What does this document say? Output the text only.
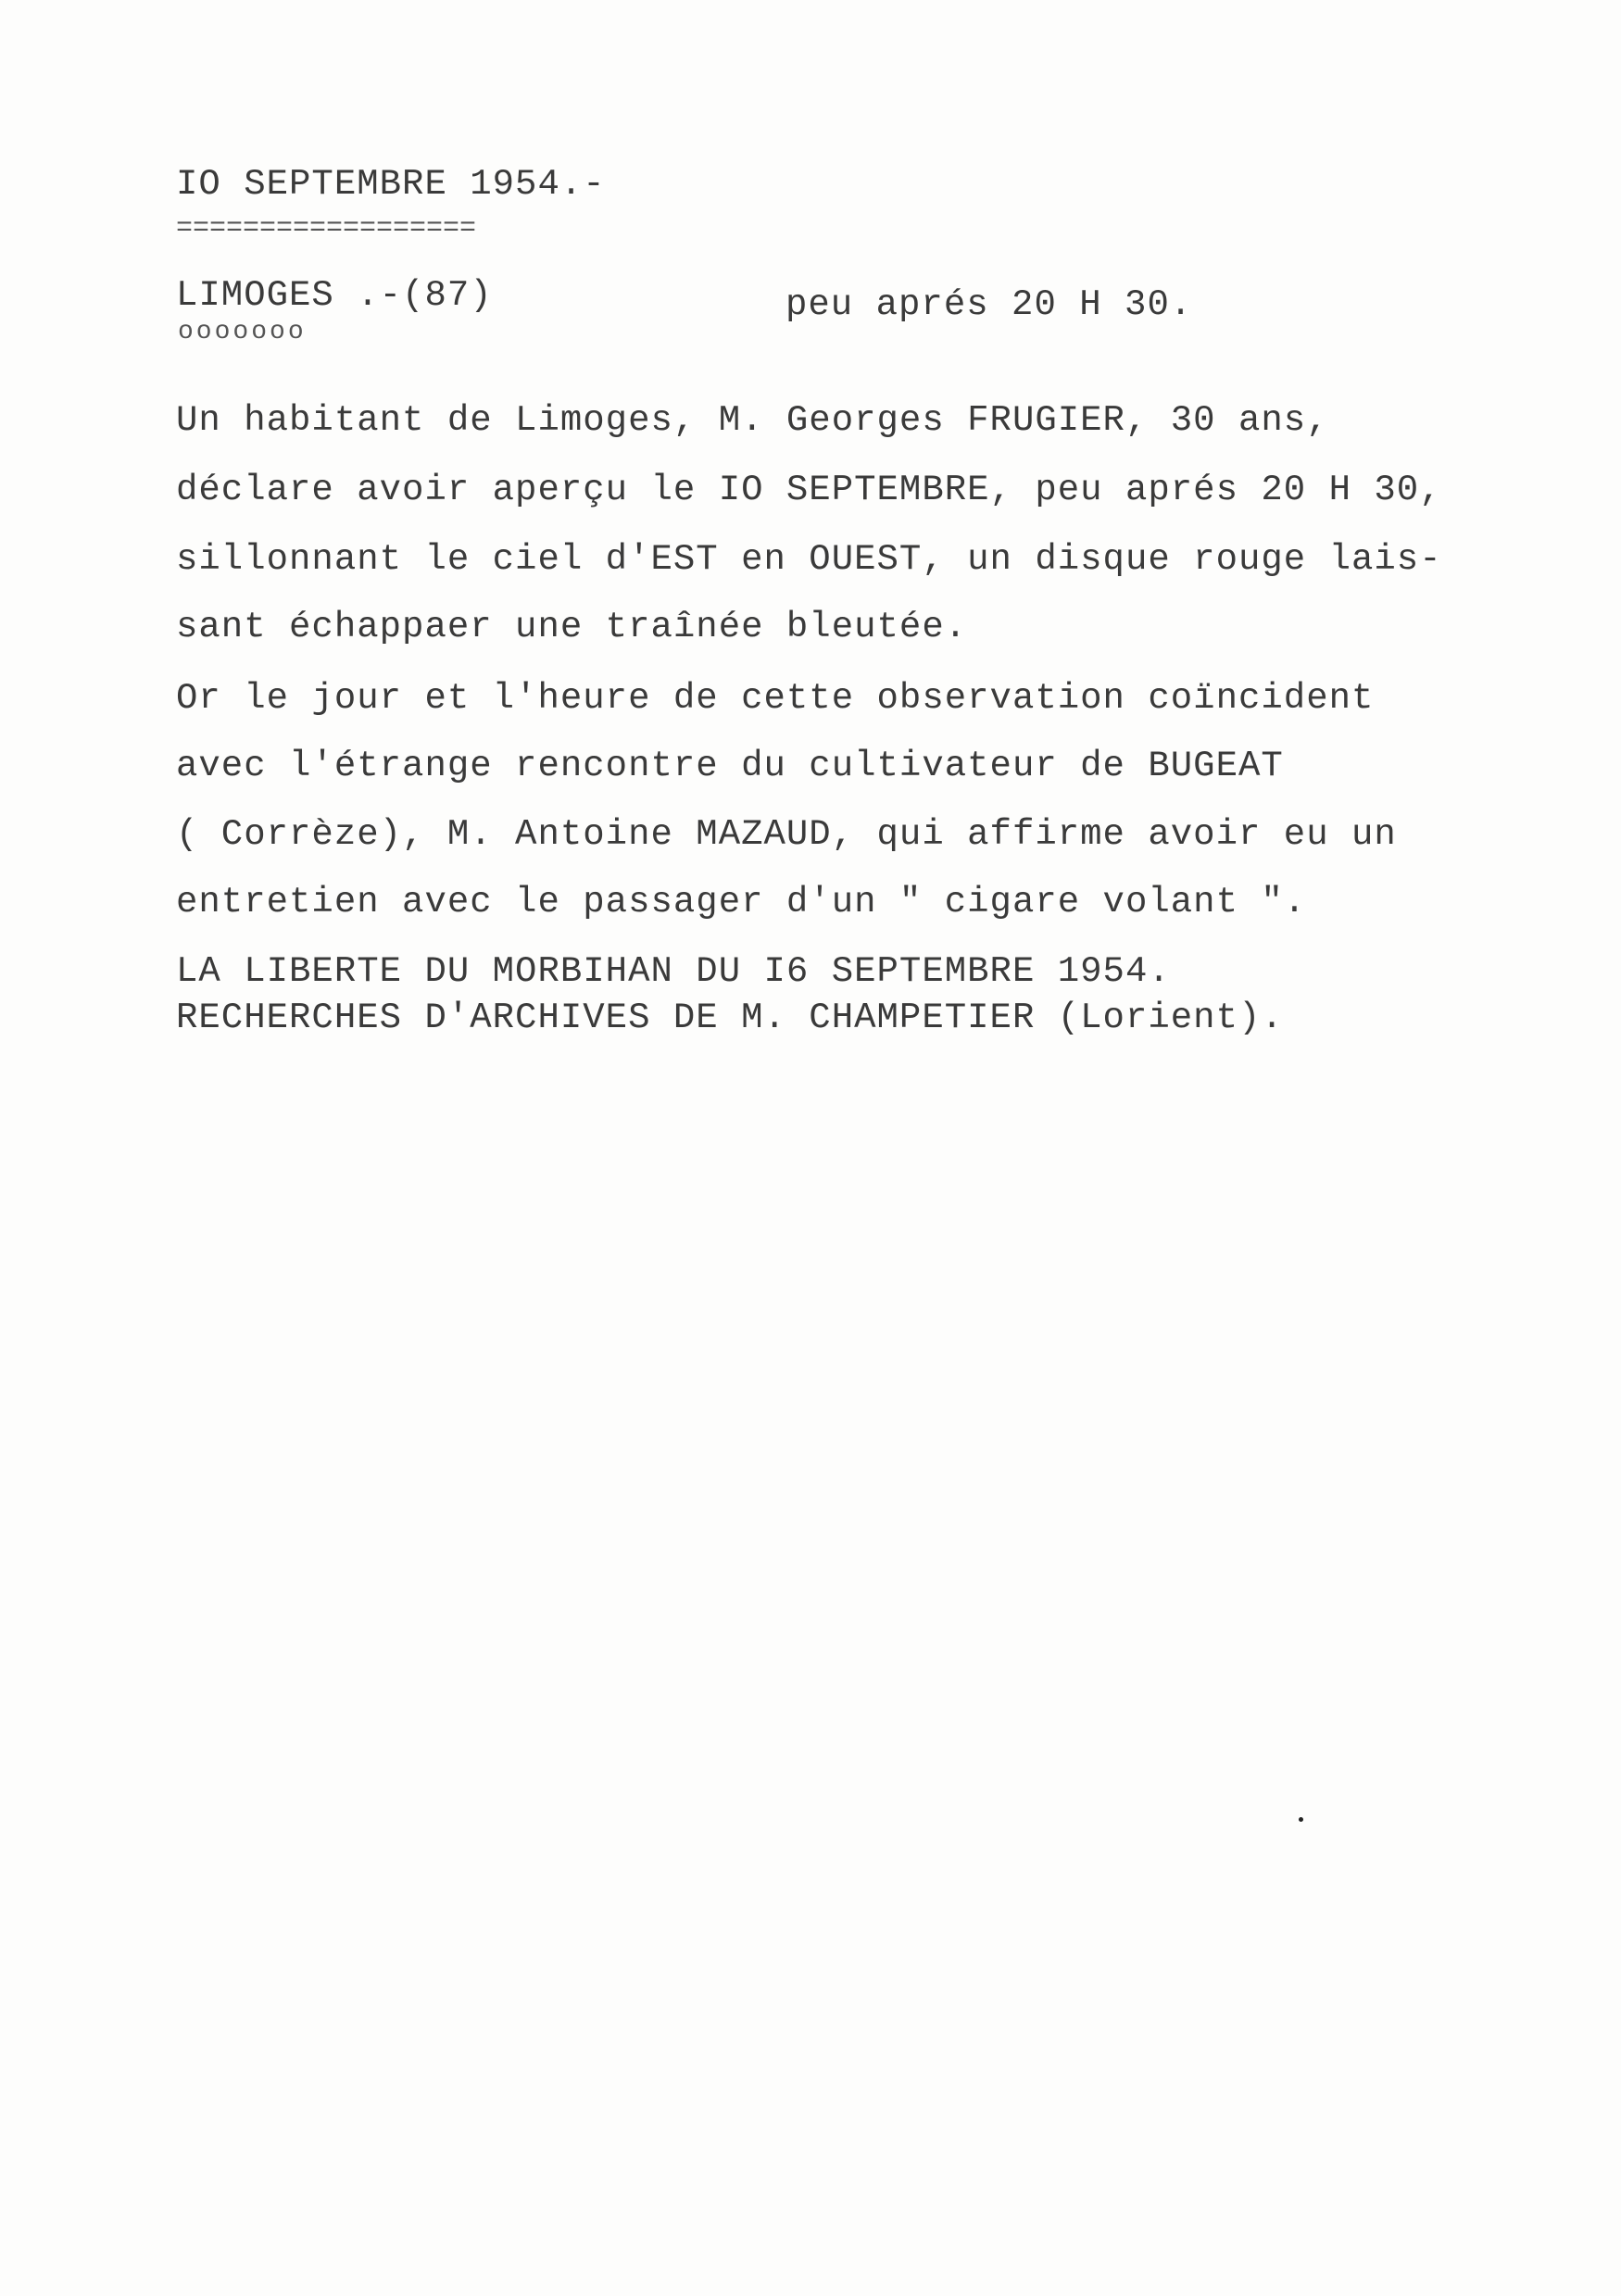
IO SEPTEMBRE 1954.-
==================
LIMOGES .-(87)
ooooooo
peu aprés 20 H 30.
Un habitant de Limoges, M. Georges FRUGIER, 30 ans,
déclare avoir aperçu le IO SEPTEMBRE, peu aprés 20 H 30,
sillonnant le ciel d'EST en OUEST, un disque rouge lais-
sant échappaer une traînée bleutée.
Or le jour et l'heure de cette observation coïncident
avec l'étrange rencontre du cultivateur de BUGEAT
( Corrèze), M. Antoine MAZAUD, qui affirme avoir eu un
entretien avec le passager d'un " cigare volant ".
LA LIBERTE DU MORBIHAN DU I6 SEPTEMBRE 1954.
RECHERCHES D'ARCHIVES DE M. CHAMPETIER (Lorient).
